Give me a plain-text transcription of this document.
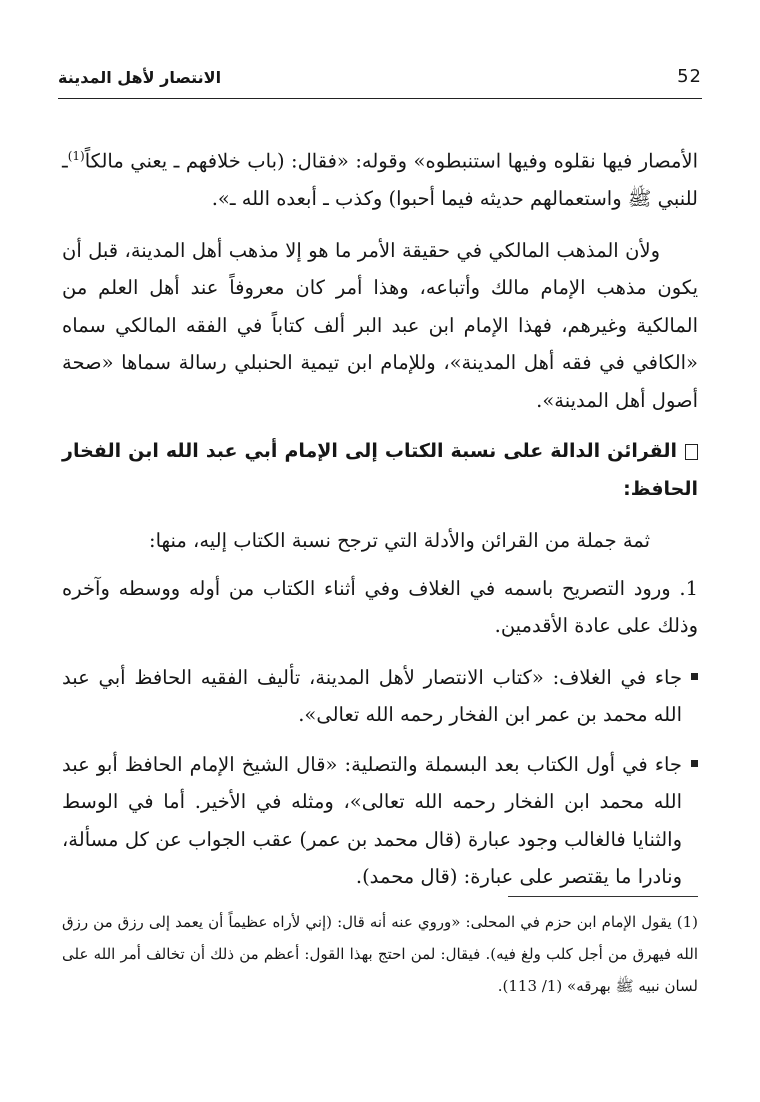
الانتصار لأهل المدينة	52

الأمصار فيها نقلوه وفيها استنبطوه» وقوله: «فقال: (باب خلافهم ـ يعني مالكاً$^{(1)}$ـ للنبي ﷺ واستعمالهم حديثه فيما أحبوا) وكذب ـ أبعده الله ـ».

ولأن المذهب المالكي في حقيقة الأمر ما هو إلا مذهب أهل المدينة، قبل أن يكون مذهب الإمام مالك وأتباعه، وهذا أمر كان معروفاً عند أهل العلم من المالكية وغيرهم، فهذا الإمام ابن عبد البر ألف كتاباً في الفقه المالكي سماه «الكافي في فقه أهل المدينة»، وللإمام ابن تيمية الحنبلي رسالة سماها «صحة أصول أهل المدينة».

القرائن الدالة على نسبة الكتاب إلى الإمام أبي عبد الله ابن الفخار الحافظ:

ثمة جملة من القرائن والأدلة التي ترجح نسبة الكتاب إليه، منها:

1. ورود التصريح باسمه في الغلاف وفي أثناء الكتاب من أوله ووسطه وآخره وذلك على عادة الأقدمين.

جاء في الغلاف: «كتاب الانتصار لأهل المدينة، تأليف الفقيه الحافظ أبي عبد الله محمد بن عمر ابن الفخار رحمه الله تعالى».

جاء في أول الكتاب بعد البسملة والتصلية: «قال الشيخ الإمام الحافظ أبو عبد الله محمد ابن الفخار رحمه الله تعالى»، ومثله في الأخير. أما في الوسط والثنايا فالغالب وجود عبارة (قال محمد بن عمر) عقب الجواب عن كل مسألة، ونادرا ما يقتصر على عبارة: (قال محمد).

(1) يقول الإمام ابن حزم في المحلى: «وروي عنه أنه قال: (إني لأراه عظيماً أن يعمد إلى رزق من رزق الله فيهرق من أجل كلب ولغ فيه). فيقال: لمن احتج بهذا القول: أعظم من ذلك أن تخالف أمر الله على لسان نبيه ﷺ بهرقه» (1/ 113).
